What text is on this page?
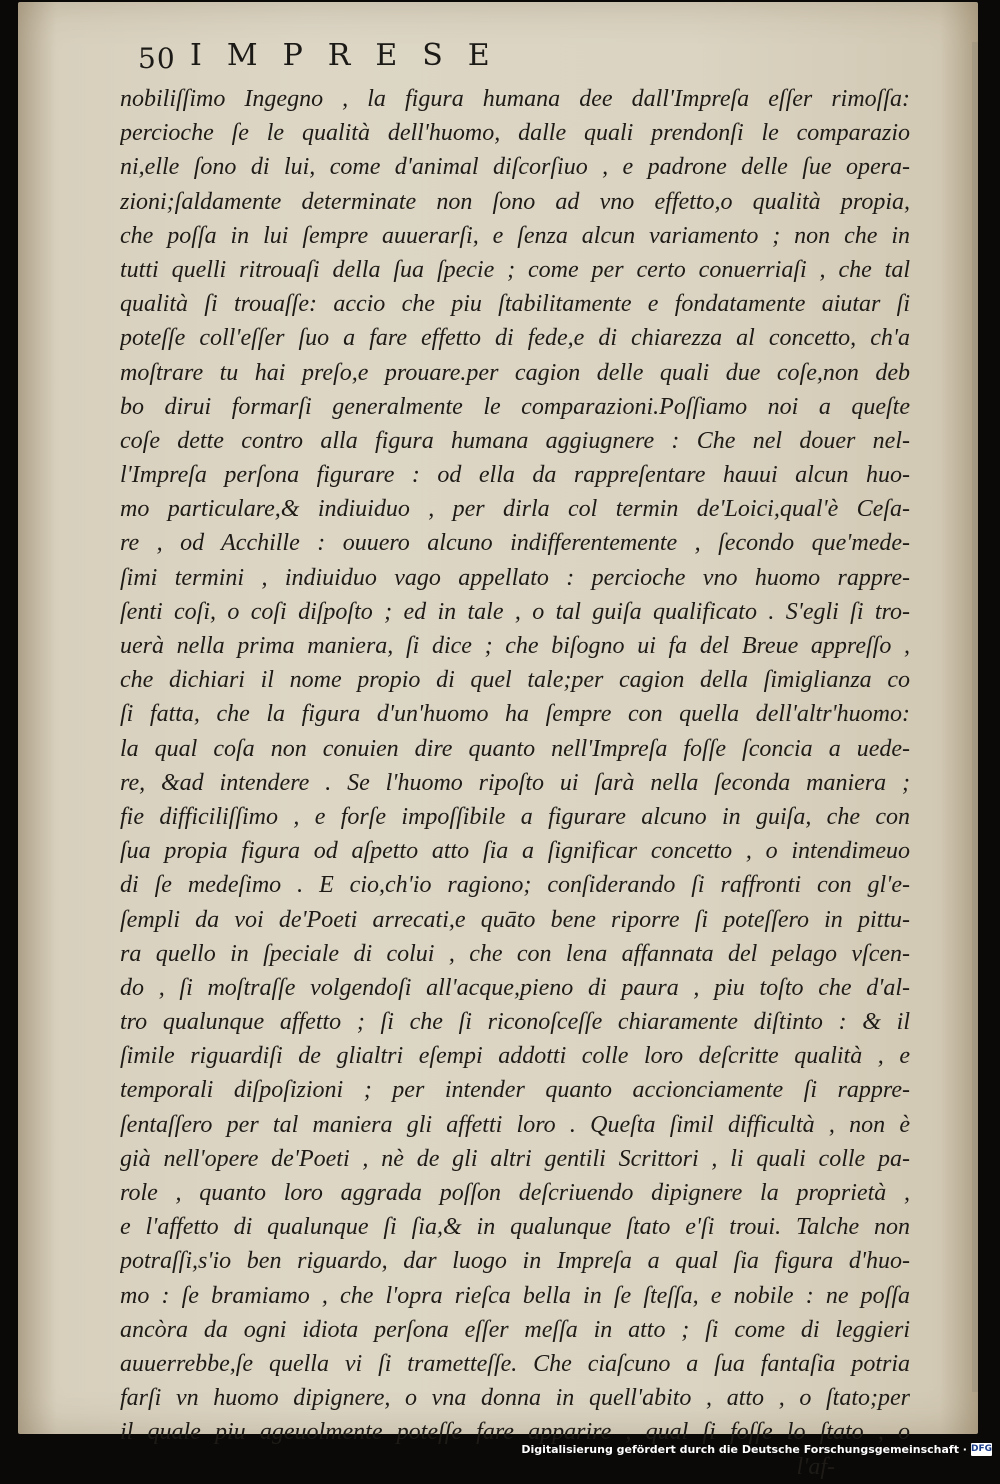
50 IMPRESE
nobiliſſimo Ingegno , la figura humana dee dall'Impreſa eſſer rimoſſa:
percioche ſe le qualità dell'huomo, dalle quali prendonſi le comparazio
ni,elle ſono di lui, come d'animal diſcorſiuo , e padrone delle ſue opera-
zioni;ſaldamente determinate non ſono ad vno effetto,o qualità propia,
che poſſa in lui ſempre auuerarſi, e ſenza alcun variamento ; non che in
tutti quelli ritrouaſi della ſua ſpecie ; come per certo conuerriaſi , che tal
qualità ſi trouaſſe: accio che piu ſtabilitamente e fondatamente aiutar ſi
poteſſe coll'eſſer ſuo a fare effetto di fede,e di chiarezza al concetto, ch'a
moſtrare tu hai preſo,e prouare.per cagion delle quali due coſe,non deb
bo dirui formarſi generalmente le comparazioni.Poſſiamo noi a queſte
coſe dette contro alla figura humana aggiugnere : Che nel douer nel-
l'Impreſa perſona figurare : od ella da rappreſentare hauui alcun huo-
mo particulare,& indiuiduo , per dirla col termin de'Loici,qual'è Ceſa-
re , od Acchille : ouuero alcuno indifferentemente , ſecondo que'mede-
ſimi termini , indiuiduo vago appellato : percioche vno huomo rappre-
ſenti coſi, o coſi diſpoſto ; ed in tale , o tal guiſa qualificato . S'egli ſi tro-
uerà nella prima maniera, ſi dice ; che biſogno ui fa del Breue appreſſo ,
che dichiari il nome propio di quel tale;per cagion della ſimiglianza co
ſi fatta, che la figura d'un'huomo ha ſempre con quella dell'altr'huomo:
la qual coſa non conuien dire quanto nell'Impreſa foſſe ſconcia a uede-
re, &ad intendere . Se l'huomo ripoſto ui ſarà nella ſeconda maniera ;
fie difficiliſſimo , e forſe impoſſibile a figurare alcuno in guiſa, che con
ſua propia figura od aſpetto atto ſia a ſignificar concetto , o intendimeuo
di ſe medeſimo . E cio,ch'io ragiono; conſiderando ſi raffronti con gl'e-
ſempli da voi de'Poeti arrecati,e quāto bene riporre ſi poteſſero in pittu-
ra quello in ſpeciale di colui , che con lena affannata del pelago vſcen-
do , ſi moſtraſſe volgendoſi all'acque,pieno di paura , piu toſto che d'al-
tro qualunque affetto ; ſi che ſi riconoſceſſe chiaramente diſtinto : & il
ſimile riguardiſi de glialtri eſempi addotti colle loro deſcritte qualità , e
temporali diſpoſizioni ; per intender quanto accionciamente ſi rappre-
ſentaſſero per tal maniera gli affetti loro . Queſta ſimil difficultà , non è
già nell'opere de'Poeti , nè de gli altri gentili Scrittori , li quali colle pa-
role , quanto loro aggrada poſſon deſcriuendo dipignere la proprietà ,
e l'affetto di qualunque ſi ſia,& in qualunque ſtato e'ſi troui. Talche non
potraſſi,s'io ben riguardo, dar luogo in Impreſa a qual ſia figura d'huo-
mo : ſe bramiamo , che l'opra rieſca bella in ſe ſteſſa, e nobile : ne poſſa
ancòra da ogni idiota perſona eſſer meſſa in atto ; ſi come di leggieri
auuerrebbe,ſe quella vi ſi trametteſſe. Che ciaſcuno a ſua fantaſia potria
farſi vn huomo dipignere, o vna donna in quell'abito , atto , o ſtato;per
il quale piu ageuolmente poteſſe fare apparire , qual ſi foſſe lo ſtato , o
l'af-
Digitalisierung gefördert durch die Deutsche Forschungsgemeinschaft · DFG
